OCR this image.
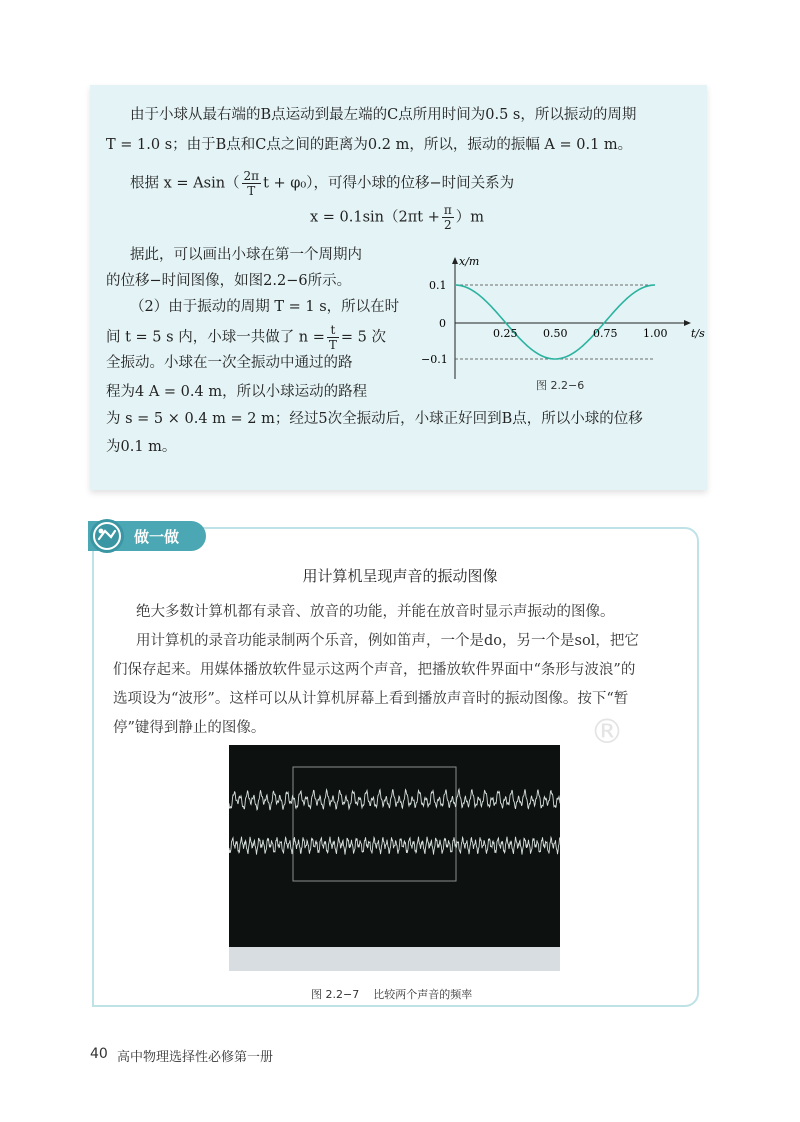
由于小球从最右端的B点运动到最左端的C点所用时间为0.5 s，所以振动的周期
T = 1.0 s；由于B点和C点之间的距离为0.2 m，所以，振动的振幅 A = 0.1 m。
根据 $x = Asin( \frac{2\pi}{T}$ t + φ₀），可得小球的位移−时间关系为
$x = 0.1\sin(2\pi t + \frac{\pi}{2} )m$
据此，可以画出小球在第一个周期内
的位移−时间图像，如图2.2−6所示。
（2）由于振动的周期 T = 1 s，所以在时
间 t = 5 s 内，小球一共做了 $n = \frac{t}{T} = 5$ 次
全振动。小球在一次全振动中通过的路
程为4 A = 0.4 m，所以小球运动的路程
为 s = 5 × 0.4 m = 2 m；经过5次全振动后，小球正好回到B点，所以小球的位移
为0.1 m。
x/m
t/s
0
0.1
−0.1
0.25 0.50 0.75 1.00
图 2.2−6
做一做
用计算机呈现声音的振动图像
绝大多数计算机都有录音、放音的功能，并能在放音时显示声振动的图像。
用计算机的录音功能录制两个乐音，例如笛声，一个是do，另一个是sol，把它
们保存起来。用媒体播放软件显示这两个声音，把播放软件界面中“条形与波浪”的
选项设为“波形”。这样可以从计算机屏幕上看到播放声音时的振动图像。按下“暂
停”键得到静止的图像。	®
图 2.2−7    比较两个声音的频率
40 高中物理选择性必修第一册
